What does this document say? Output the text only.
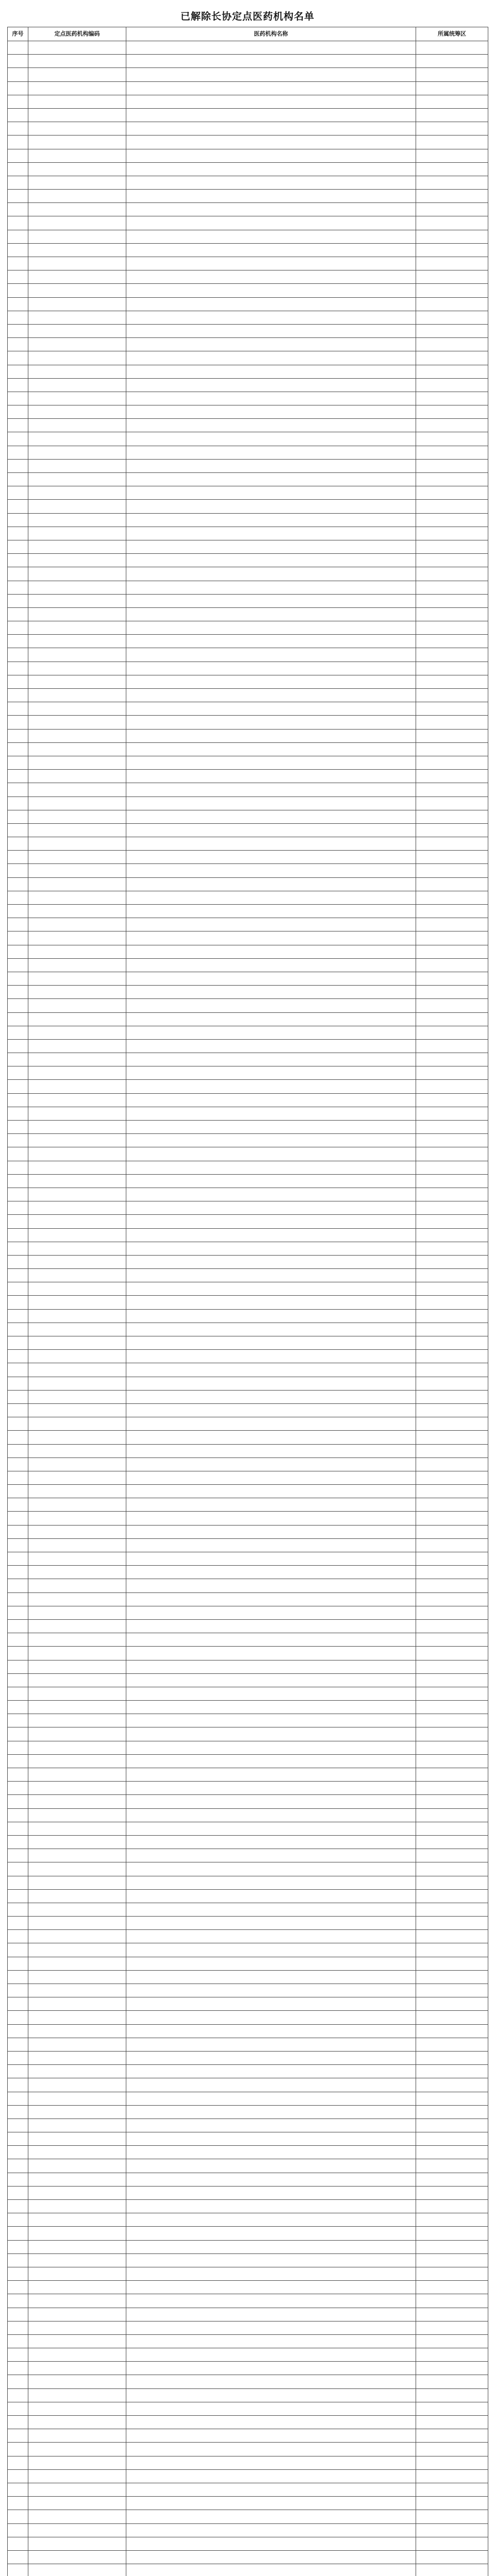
已解除长协定点医药机构名单
序号	定点医药机构编码	医药机构名称	所属统筹区
